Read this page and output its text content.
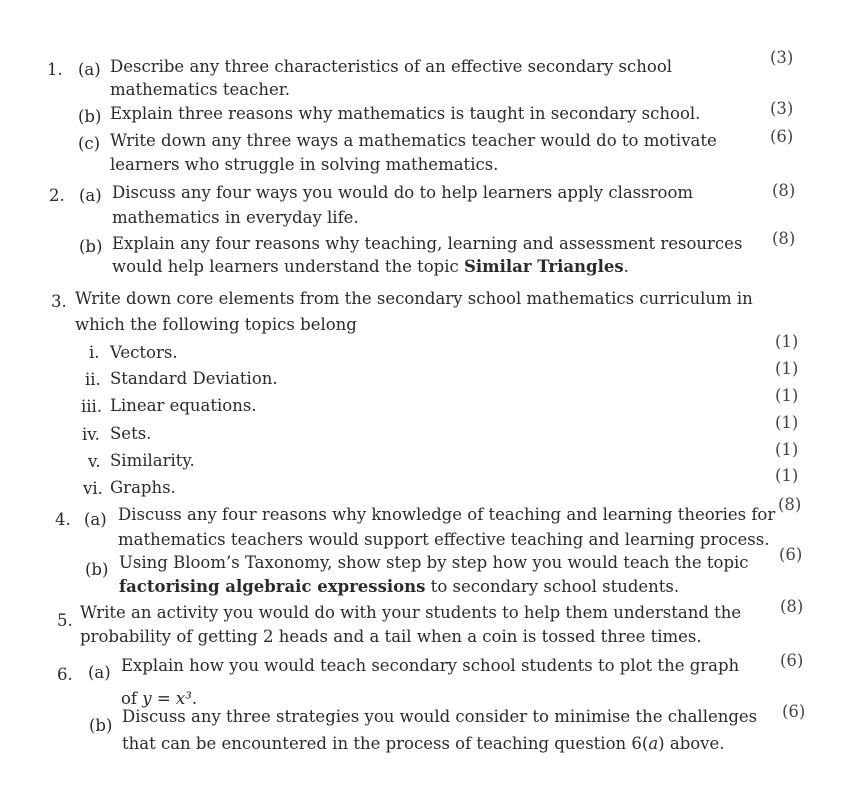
1. (a) Describe any three characteristics of an effective secondary school
mathematics teacher.
(3)
(b) Explain three reasons why mathematics is taught in secondary school.	(3)
(c) Write down any three ways a mathematics teacher would do to motivate
learners who struggle in solving mathematics.
(6)
2. (a) Discuss any four ways you would do to help learners apply classroom
mathematics in everyday life.
(8)
(b) Explain any four reasons why teaching, learning and assessment resources
would help learners understand the topic Similar Triangles.
(8)
3. Write down core elements from the secondary school mathematics curriculum in
which the following topics belong
i. Vectors.
(1)
ii. Standard Deviation.
(1)
iii. Linear equations.
(1)
iv. Sets.
(1)
v. Similarity.
(1)
vi. Graphs.
(1)
4. (a) Discuss any four reasons why knowledge of teaching and learning theories for
mathematics teachers would support effective teaching and learning process.
(8)
(b) Using Bloom’s Taxonomy, show step by step how you would teach the topic
factorising algebraic expressions to secondary school students.
(6)
5. Write an activity you would do with your students to help them understand the
probability of getting 2 heads and a tail when a coin is tossed three times.
(8)
6. (a) Explain how you would teach secondary school students to plot the graph
of y = x³.
(6)
(b) Discuss any three strategies you would consider to minimise the challenges
that can be encountered in the process of teaching question 6(a) above.
(6)
